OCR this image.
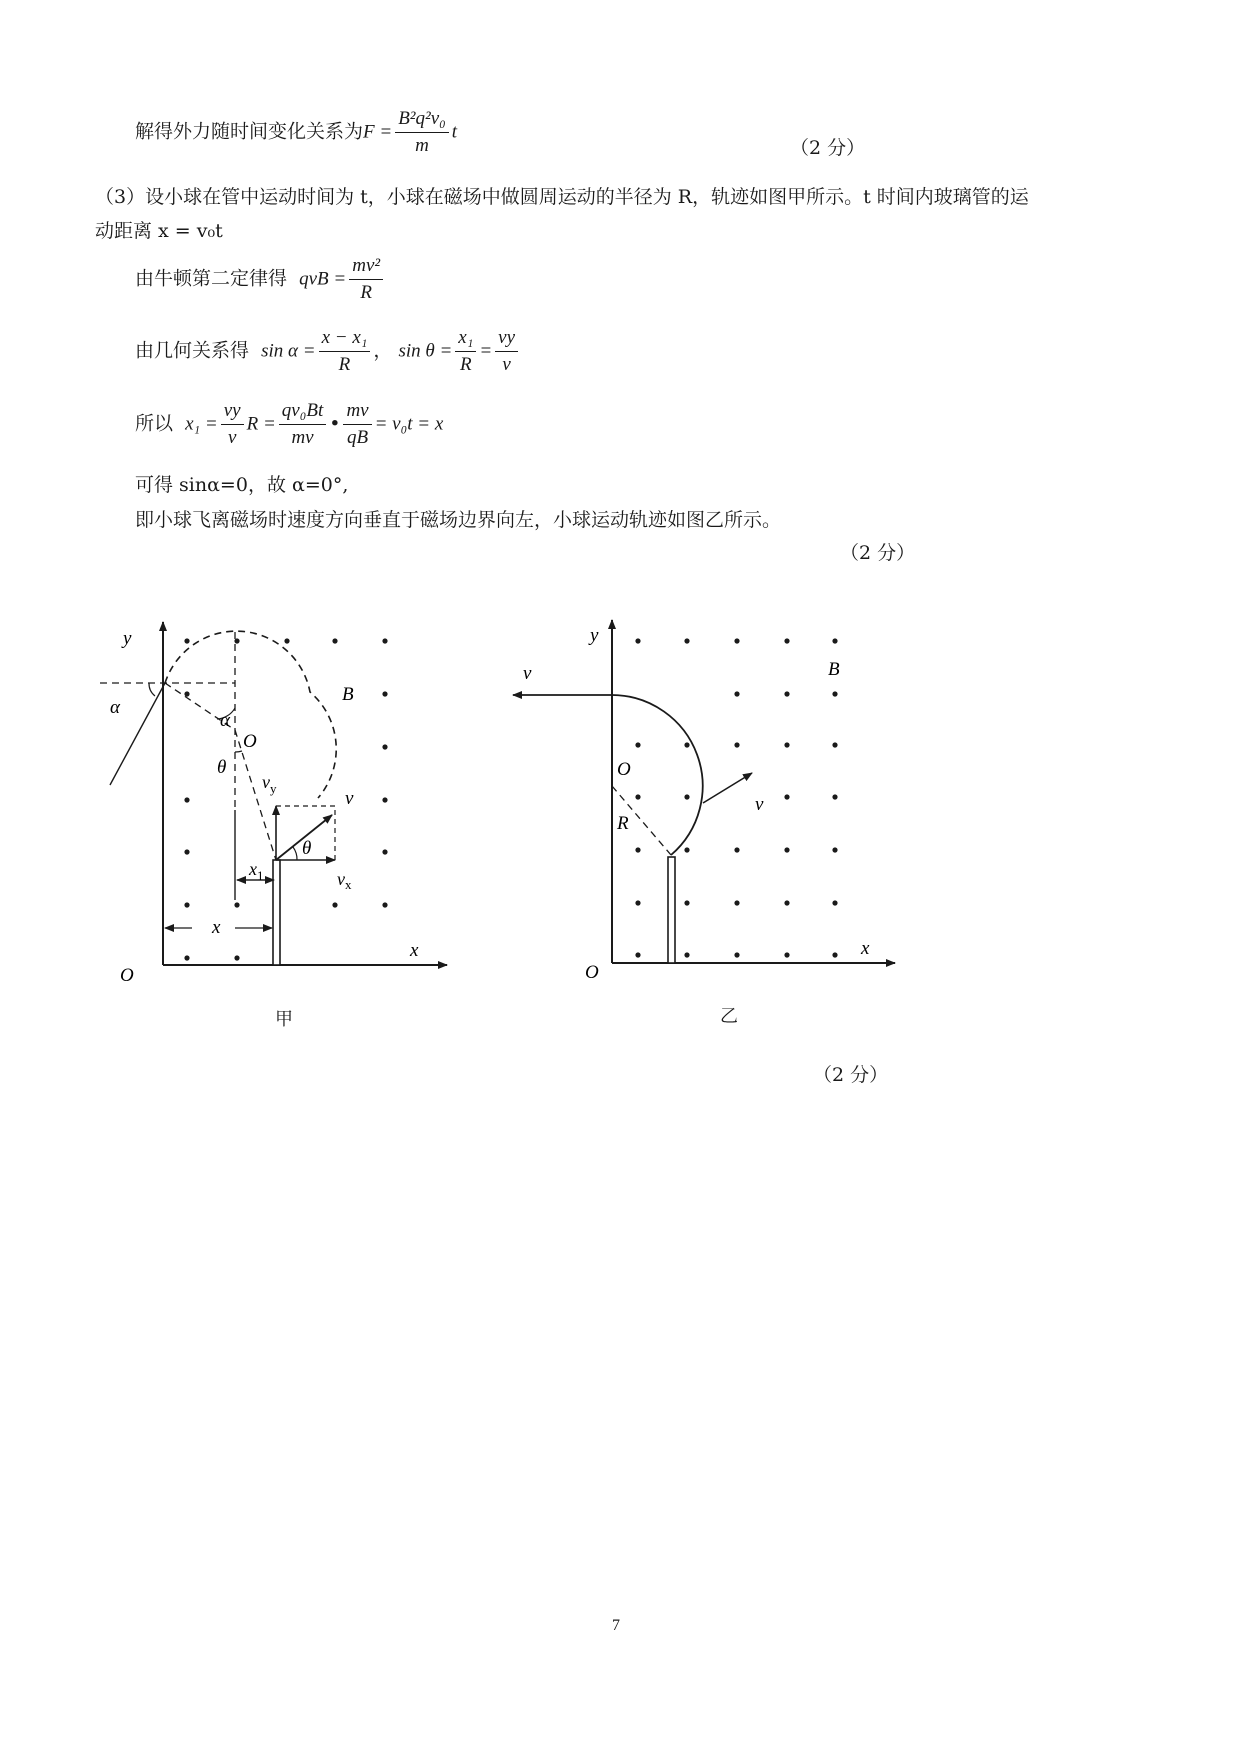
解得外力随时间变化关系为$F = \frac{\text{B²q²v₀}}{m}$ t
（2 分）
（3）设小球在管中运动时间为 t，小球在磁场中做圆周运动的半径为 R，轨迹如图甲所示。t 时间内玻璃管的运
动距离 x = v₀t
由牛顿第二定律得 qvB = $\frac{\text{mv²}}{R}$
由几何关系得 $\sin \alpha = \frac{\text{x − x₁}}{R}$ ， $\sin \theta = \frac{\text{x₁}}{R} = \frac{vy}{v}$
所以 $x_1 = \frac{vy}{v}$ $R = \frac{\text{qv₀Bt}}{mv}$ • $\frac{mv}{qB} = v_0t = x$
可得 sinα=0，故 α=0°,
即小球飞离磁场时速度方向垂直于磁场边界向左，小球运动轨迹如图乙所示。
（2 分）
y
x
O
B
α
α
O
$v_y$	v
θ
θ
$x_1$	$v_x$
x
甲
y
x
O
B
v
O
R
v
乙
（2 分）
7
